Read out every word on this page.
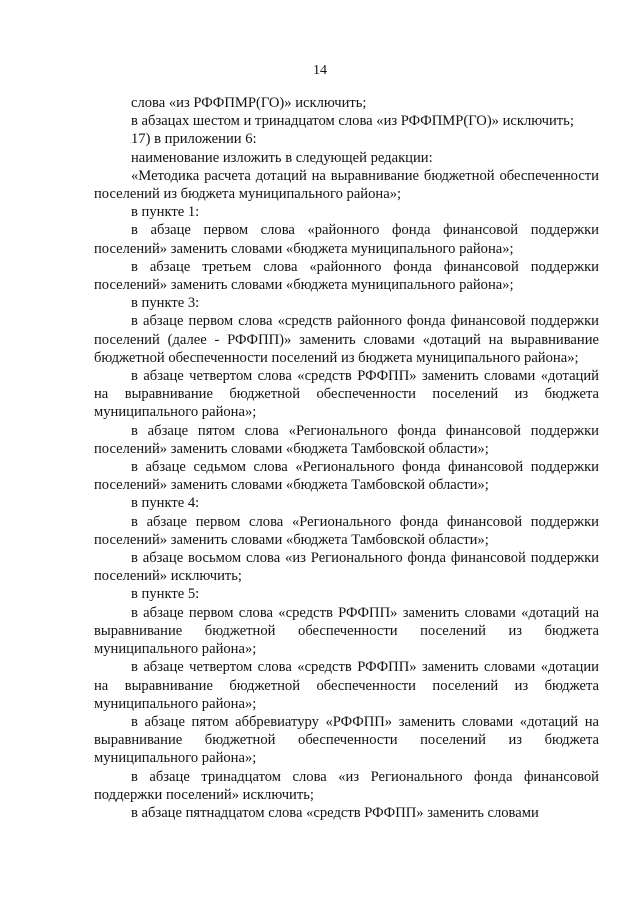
14

слова «из РФФПМР(ГО)» исключить;

в абзацах шестом и тринадцатом слова «из РФФПМР(ГО)» исключить;

17) в приложении 6:

наименование изложить в следующей редакции:

«Методика расчета дотаций на выравнивание бюджетной обеспеченности поселений из бюджета муниципального района»;

в пункте 1:

в абзаце первом слова «районного фонда финансовой поддержки поселений» заменить словами «бюджета муниципального района»;

в абзаце третьем слова «районного фонда финансовой поддержки поселений» заменить словами «бюджета муниципального района»;

в пункте 3:

в абзаце первом слова «средств районного фонда финансовой поддержки поселений (далее - РФФПП)» заменить словами «дотаций на выравнивание бюджетной обеспеченности поселений из бюджета муниципального района»;

в абзаце четвертом слова «средств РФФПП» заменить словами «дотаций на выравнивание бюджетной обеспеченности поселений из бюджета муниципального района»;

в абзаце пятом слова «Регионального фонда финансовой поддержки поселений» заменить словами «бюджета Тамбовской области»;

в абзаце седьмом слова «Регионального фонда финансовой поддержки поселений» заменить словами «бюджета Тамбовской области»;

в пункте 4:

в абзаце первом слова «Регионального фонда финансовой поддержки поселений» заменить словами «бюджета Тамбовской области»;

в абзаце восьмом слова «из Регионального фонда финансовой поддержки поселений» исключить;

в пункте 5:

в абзаце первом слова «средств РФФПП» заменить словами «дотаций на выравнивание бюджетной обеспеченности поселений из бюджета муниципального района»;

в абзаце четвертом слова «средств РФФПП» заменить словами «дотации на выравнивание бюджетной обеспеченности поселений из бюджета муниципального района»;

в абзаце пятом аббревиатуру «РФФПП» заменить словами «дотаций на выравнивание бюджетной обеспеченности поселений из бюджета муниципального района»;

в абзаце тринадцатом слова «из Регионального фонда финансовой поддержки поселений» исключить;

в абзаце пятнадцатом слова «средств РФФПП» заменить словами
